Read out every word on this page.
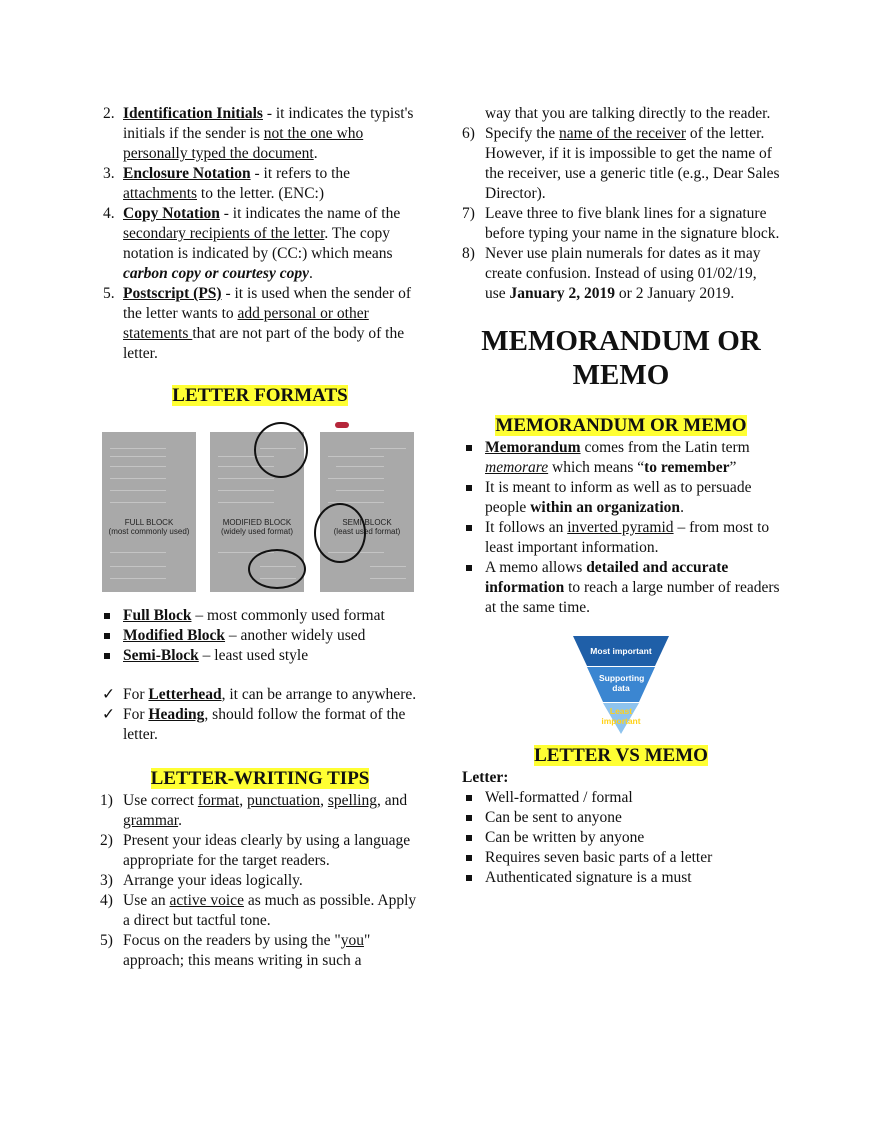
2. Identification Initials - it indicates the typist's initials if the sender is not the one who personally typed the document.
3. Enclosure Notation - it refers to the attachments to the letter. (ENC:)
4. Copy Notation - it indicates the name of the secondary recipients of the letter. The copy notation is indicated by (CC:) which means carbon copy or courtesy copy.
5. Postscript (PS) - it is used when the sender of the letter wants to add personal or other statements that are not part of the body of the letter.
LETTER FORMATS
FULL BLOCK
(most commonly used)
MODIFIED BLOCK
(widely used format)
SEMI-BLOCK
(least used format)
Full Block – most commonly used format
Modified Block – another widely used
Semi-Block – least used style
✓ For Letterhead, it can be arrange to anywhere.
✓ For Heading, should follow the format of the letter.
LETTER-WRITING TIPS
1) Use correct format, punctuation, spelling, and grammar.
2) Present your ideas clearly by using a language appropriate for the target readers.
3) Arrange your ideas logically.
4) Use an active voice as much as possible. Apply a direct but tactful tone.
5) Focus on the readers by using the "you" approach; this means writing in such a
way that you are talking directly to the reader.
6) Specify the name of the receiver of the letter. However, if it is impossible to get the name of the receiver, use a generic title (e.g., Dear Sales Director).
7) Leave three to five blank lines for a signature before typing your name in the signature block.
8) Never use plain numerals for dates as it may create confusion. Instead of using 01/02/19, use January 2, 2019 or 2 January 2019.
MEMORANDUM OR MEMO
MEMORANDUM OR MEMO
Memorandum comes from the Latin term memorare which means “to remember”
It is meant to inform as well as to persuade people within an organization.
It follows an inverted pyramid – from most to least important information.
A memo allows detailed and accurate information to reach a large number of readers at the same time.
Most important
Supporting data
Least important
LETTER VS MEMO
Letter:
Well-formatted / formal
Can be sent to anyone
Can be written by anyone
Requires seven basic parts of a letter
Authenticated signature is a must
